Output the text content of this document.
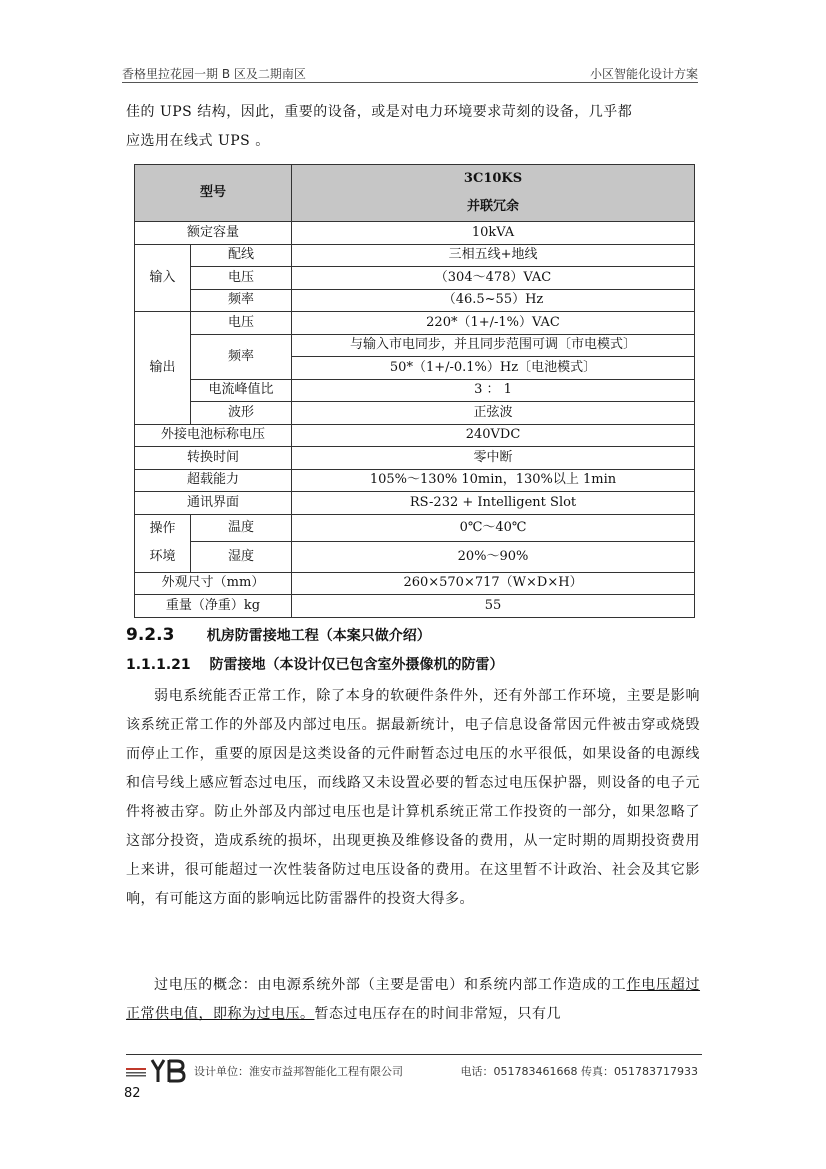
香格里拉花园一期 B 区及二期南区	小区智能化设计方案

佳的 UPS 结构，因此，重要的设备，或是对电力环境要求苛刻的设备，几乎都
应选用在线式 UPS 。

型号		3C10KS
并联冗余

额定容量		10kVA
输入	配线	三相五线+地线
	电压	（304～478）VAC
	频率	（46.5~55）Hz
输出	电压	220*（1+/-1%）VAC
	频率	与输入市电同步，并且同步范围可调〔市电模式〕
		50*（1+/-0.1%）Hz〔电池模式〕
	电流峰值比	3 ： 1
	波形	正弦波
外接电池标称电压		240VDC
转换时间		零中断
超载能力		105%～130% 10min，130%以上 1min
通讯界面		RS-232 + Intelligent Slot
操作
环境	温度	0℃～40℃
	湿度	20%～90%
外观尺寸（mm）		260×570×717（W×D×H）
重量（净重）kg		55
9.2.3 机房防雷接地工程（本案只做介绍）
1.1.1.21 防雷接地（本设计仅已包含室外摄像机的防雷）

弱电系统能否正常工作，除了本身的软硬件条件外，还有外部工作环境，主要是影响该系统正常工作的外部及内部过电压。据最新统计，电子信息设备常因元件被击穿或烧毁而停止工作，重要的原因是这类设备的元件耐暂态过电压的水平很低，如果设备的电源线和信号线上感应暂态过电压，而线路又未设置必要的暂态过电压保护器，则设备的电子元件将被击穿。防止外部及内部过电压也是计算机系统正常工作投资的一部分，如果忽略了这部分投资，造成系统的损坏，出现更换及维修设备的费用，从一定时期的周期投资费用上来讲，很可能超过一次性装备防过电压设备的费用。在这里暂不计政治、社会及其它影响，有可能这方面的影响远比防雷器件的投资大得多。

过电压的概念：由电源系统外部（主要是雷电）和系统内部工作造成的工作电压超过正常供电值，即称为过电压。暂态过电压存在的时间非常短，只有几

设计单位：淮安市益邦智能化工程有限公司	电话：051783461668 传真：051783717933
82
